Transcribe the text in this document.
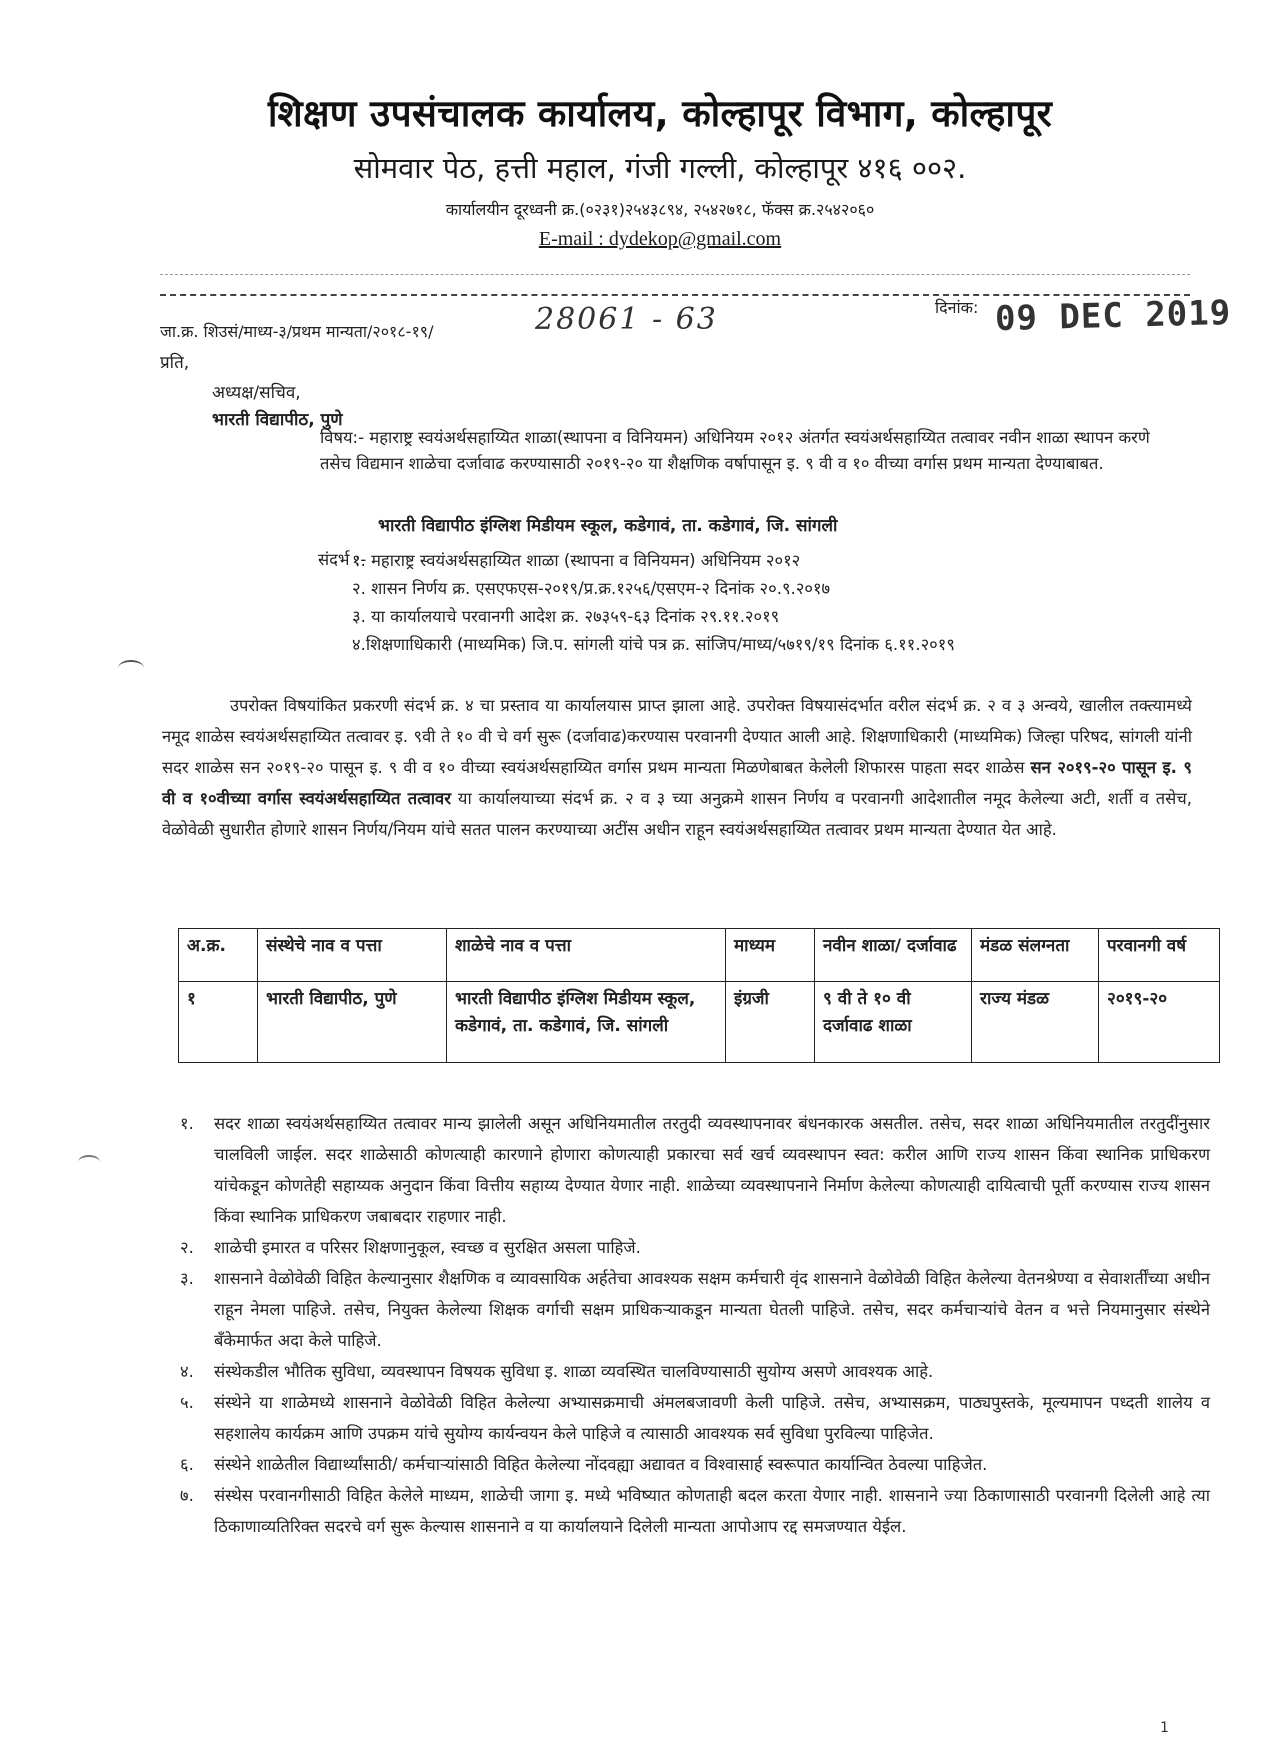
शिक्षण उपसंचालक कार्यालय, कोल्हापूर विभाग, कोल्हापूर
सोमवार पेठ, हत्ती महाल, गंजी गल्ली, कोल्हापूर ४१६ ००२.
कार्यालयीन दूरध्वनी क्र.(०२३१)२५४३८९४, २५४२७१८, फॅक्स क्र.२५४२०६०
E-mail : dydekop@gmail.com
जा.क्र. शिउसं/माध्य-३/प्रथम मान्यता/२०१८-१९/	28061 - 63	दिनांक: 09 DEC 2019
प्रति,
अध्यक्ष/सचिव,
भारती विद्यापीठ, पुणे
विषय:- महाराष्ट्र स्वयंअर्थसहाय्यित शाळा(स्थापना व विनियमन) अधिनियम २०१२ अंतर्गत स्वयंअर्थसहाय्यित तत्वावर नवीन शाळा स्थापन करणे तसेच विद्यमान शाळेचा दर्जावाढ करण्यासाठी २०१९-२० या शैक्षणिक वर्षापासून इ. ९ वी व १० वीच्या वर्गास प्रथम मान्यता देण्याबाबत.
भारती विद्यापीठ इंग्लिश मिडीयम स्कूल, कडेगावं, ता. कडेगावं, जि. सांगली
संदर्भ :-
१. महाराष्ट्र स्वयंअर्थसहाय्यित शाळा (स्थापना व विनियमन) अधिनियम २०१२
२. शासन निर्णय क्र. एसएफएस-२०१९/प्र.क्र.१२५६/एसएम-२ दिनांक २०.९.२०१७
३. या कार्यालयाचे परवानगी आदेश क्र. २७३५९-६३ दिनांक २९.११.२०१९
४.शिक्षणाधिकारी (माध्यमिक) जि.प. सांगली यांचे पत्र क्र. सांजिप/माध्य/५७१९/१९ दिनांक ६.११.२०१९

उपरोक्त विषयांकित प्रकरणी संदर्भ क्र. ४ चा प्रस्ताव या कार्यालयास प्राप्त झाला आहे. उपरोक्त विषयासंदर्भात वरील संदर्भ क्र. २ व ३ अन्वये, खालील तक्त्यामध्ये नमूद शाळेस स्वयंअर्थसहाय्यित तत्वावर इ. ९वी ते १० वी चे वर्ग सुरू (दर्जावाढ)करण्यास परवानगी देण्यात आली आहे. शिक्षणाधिकारी (माध्यमिक) जिल्हा परिषद, सांगली यांनी सदर शाळेस सन २०१९-२० पासून इ. ९ वी व १० वीच्या स्वयंअर्थसहाय्यित वर्गास प्रथम मान्यता मिळणेबाबत केलेली शिफारस पाहता सदर शाळेस सन २०१९-२० पासून इ. ९ वी व १०वीच्या वर्गास स्वयंअर्थसहाय्यित तत्वावर या कार्यालयाच्या संदर्भ क्र. २ व ३ च्या अनुक्रमे शासन निर्णय व परवानगी आदेशातील नमूद केलेल्या अटी, शर्ती व तसेच, वेळोवेळी सुधारीत होणारे शासन निर्णय/नियम यांचे सतत पालन करण्याच्या अटींस अधीन राहून स्वयंअर्थसहाय्यित तत्वावर प्रथम मान्यता देण्यात येत आहे.

अ.क्र.	संस्थेचे नाव व पत्ता	शाळेचे नाव व पत्ता	माध्यम	नवीन शाळा/ दर्जावाढ	मंडळ संलग्नता	परवानगी वर्ष
१	भारती विद्यापीठ, पुणे	भारती विद्यापीठ इंग्लिश मिडीयम स्कूल, कडेगावं, ता. कडेगावं, जि. सांगली	इंग्रजी	९ वी ते १० वी दर्जावाढ शाळा	राज्य मंडळ	२०१९-२०
१. सदर शाळा स्वयंअर्थसहाय्यित तत्वावर मान्य झालेली असून अधिनियमातील तरतुदी व्यवस्थापनावर बंधनकारक असतील. तसेच, सदर शाळा अधिनियमातील तरतुदींनुसार चालविली जाईल. सदर शाळेसाठी कोणत्याही कारणाने होणारा कोणत्याही प्रकारचा सर्व खर्च व्यवस्थापन स्वत: करील आणि राज्य शासन किंवा स्थानिक प्राधिकरण यांचेकडून कोणतेही सहाय्यक अनुदान किंवा वित्तीय सहाय्य देण्यात येणार नाही. शाळेच्या व्यवस्थापनाने निर्माण केलेल्या कोणत्याही दायित्वाची पूर्ती करण्यास राज्य शासन किंवा स्थानिक प्राधिकरण जबाबदार राहणार नाही.
२. शाळेची इमारत व परिसर शिक्षणानुकूल, स्वच्छ व सुरक्षित असला पाहिजे.
३. शासनाने वेळोवेळी विहित केल्यानुसार शैक्षणिक व व्यावसायिक अर्हतेचा आवश्यक सक्षम कर्मचारी वृंद शासनाने वेळोवेळी विहित केलेल्या वेतनश्रेण्या व सेवाशर्तींच्या अधीन राहून नेमला पाहिजे. तसेच, नियुक्त केलेल्या शिक्षक वर्गाची सक्षम प्राधिकऱ्याकडून मान्यता घेतली पाहिजे. तसेच, सदर कर्मचाऱ्यांचे वेतन व भत्ते नियमानुसार संस्थेने बँकेमार्फत अदा केले पाहिजे.
४. संस्थेकडील भौतिक सुविधा, व्यवस्थापन विषयक सुविधा इ. शाळा व्यवस्थित चालविण्यासाठी सुयोग्य असणे आवश्यक आहे.
५. संस्थेने या शाळेमध्ये शासनाने वेळोवेळी विहित केलेल्या अभ्यासक्रमाची अंमलबजावणी केली पाहिजे. तसेच, अभ्यासक्रम, पाठ्यपुस्तके, मूल्यमापन पध्दती शालेय व सहशालेय कार्यक्रम आणि उपक्रम यांचे सुयोग्य कार्यन्वयन केले पाहिजे व त्यासाठी आवश्यक सर्व सुविधा पुरविल्या पाहिजेत.
६. संस्थेने शाळेतील विद्यार्थ्यांसाठी/ कर्मचाऱ्यांसाठी विहित केलेल्या नोंदवह्या अद्यावत व विश्वासार्ह स्वरूपात कार्यान्वित ठेवल्या पाहिजेत.
७. संस्थेस परवानगीसाठी विहित केलेले माध्यम, शाळेची जागा इ. मध्ये भविष्यात कोणताही बदल करता येणार नाही. शासनाने ज्या ठिकाणासाठी परवानगी दिलेली आहे त्या ठिकाणाव्यतिरिक्त सदरचे वर्ग सुरू केल्यास शासनाने व या कार्यालयाने दिलेली मान्यता आपोआप रद्द समजण्यात येईल.
1
